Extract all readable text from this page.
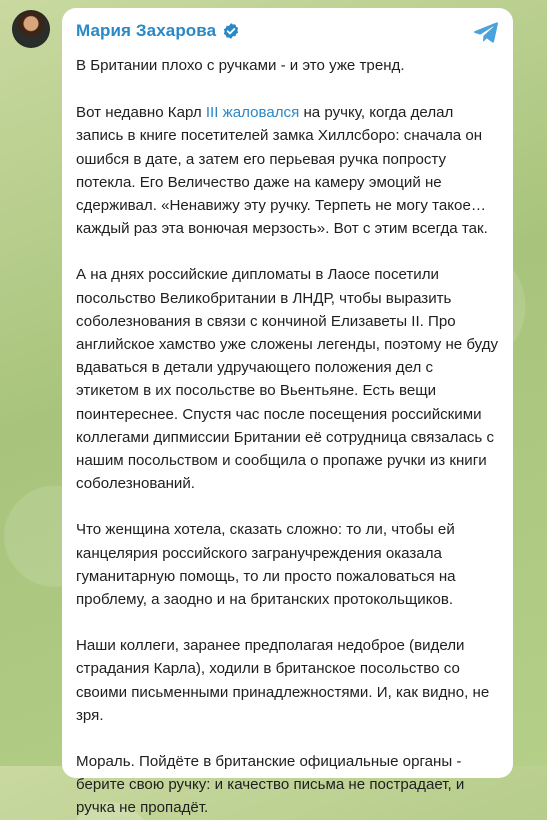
Мария Захарова

В Британии плохо с ручками - и это уже тренд.

Вот недавно Карл III жаловался на ручку, когда делал запись в книге посетителей замка Хиллсборо: сначала он ошибся в дате, а затем его перьевая ручка попросту потекла. Его Величество даже на камеру эмоций не сдерживал. «Ненавижу эту ручку. Терпеть не могу такое… каждый раз эта вонючая мерзость». Вот с этим всегда так.

А на днях российские дипломаты в Лаосе посетили посольство Великобритании в ЛНДР, чтобы выразить соболезнования в связи с кончиной Елизаветы II. Про английское хамство уже сложены легенды, поэтому не буду вдаваться в детали удручающего положения дел с этикетом в их посольстве во Вьентьяне. Есть вещи поинтереснее. Спустя час после посещения российскими коллегами дипмиссии Британии её сотрудница связалась с нашим посольством и сообщила о пропаже ручки из книги соболезнований.

Что женщина хотела, сказать сложно: то ли, чтобы ей канцелярия российского загранучреждения оказала гуманитарную помощь, то ли просто пожаловаться на проблему, а заодно и на британских протокольщиков.

Наши коллеги, заранее предполагая недоброе (видели страдания Карла), ходили в британское посольство со своими письменными принадлежностями. И, как видно, не зря.

Мораль. Пойдёте в британские официальные органы - берите свою ручку: и качество письма не пострадает, и ручка не пропадёт.
